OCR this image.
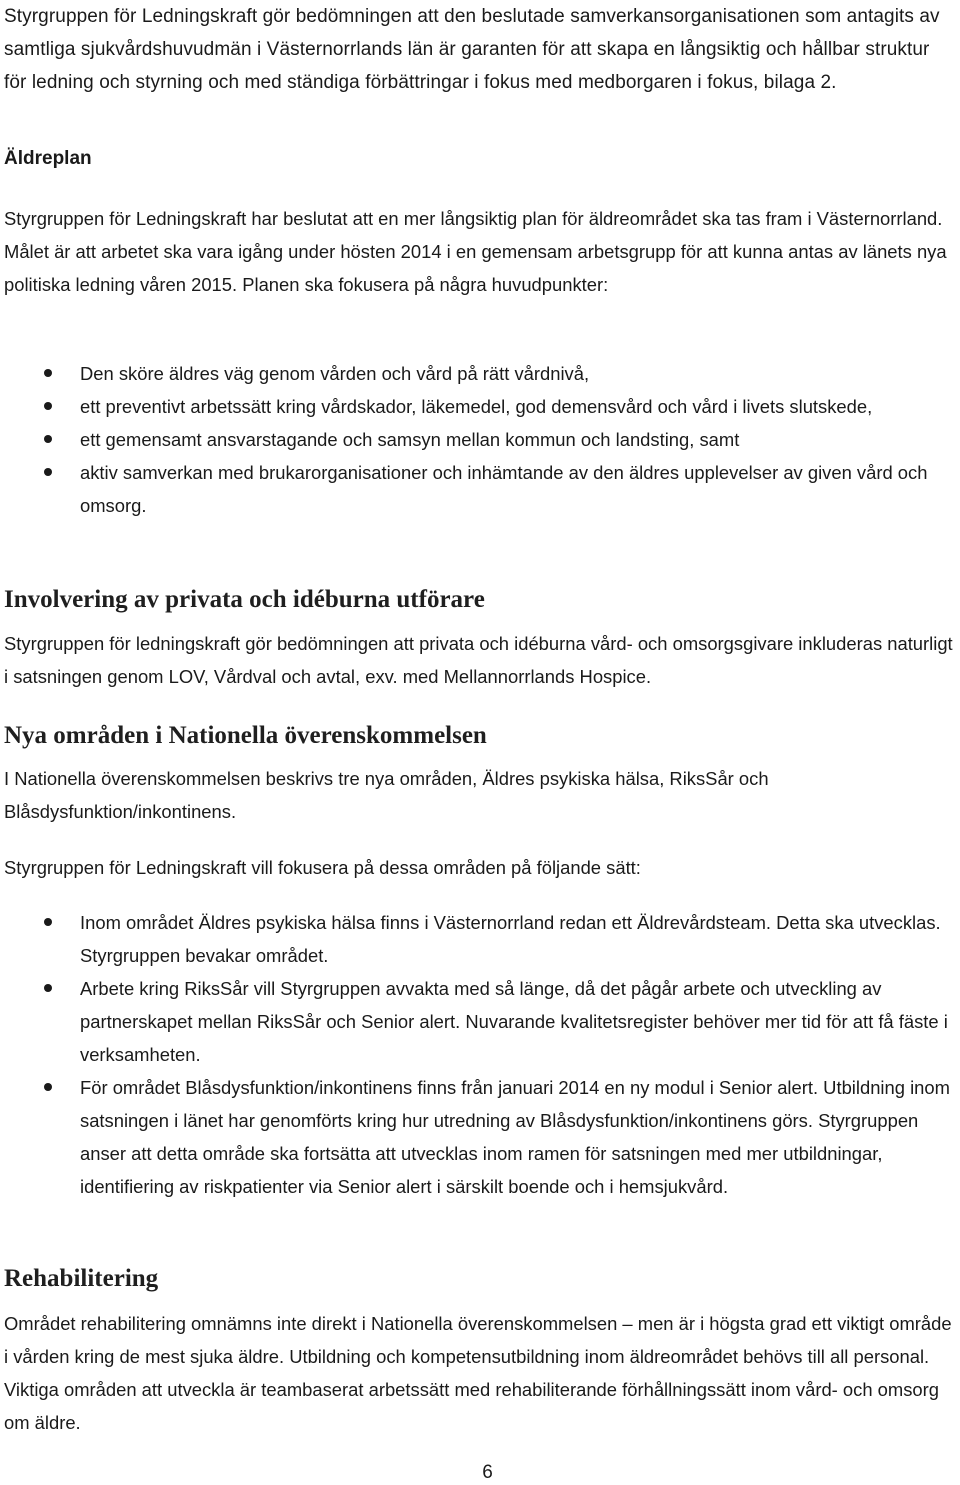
Styrgruppen för Ledningskraft gör bedömningen att den beslutade samverkansorganisationen som antagits av samtliga sjukvårdshuvudmän i Västernorrlands län är garanten för att skapa en långsiktig och hållbar struktur för ledning och styrning och med ständiga förbättringar i fokus med medborgaren i fokus, bilaga 2.

Äldreplan

Styrgruppen för Ledningskraft har beslutat att en mer långsiktig plan för äldreområdet ska tas fram i Västernorrland. Målet är att arbetet ska vara igång under hösten 2014 i en gemensam arbetsgrupp för att kunna antas av länets nya politiska ledning våren 2015. Planen ska fokusera på några huvudpunkter:

Den sköre äldres väg genom vården och vård på rätt vårdnivå,
ett preventivt arbetssätt kring vårdskador, läkemedel, god demensvård och vård i livets slutskede,
ett gemensamt ansvarstagande och samsyn mellan kommun och landsting, samt
aktiv samverkan med brukarorganisationer och inhämtande av den äldres upplevelser av given vård och omsorg.
Involvering av privata och idéburna utförare

Styrgruppen för ledningskraft gör bedömningen att privata och idéburna vård- och omsorgsgivare inkluderas naturligt i satsningen genom LOV, Vårdval och avtal, exv. med Mellannorrlands Hospice.

Nya områden i Nationella överenskommelsen

I Nationella överenskommelsen beskrivs tre nya områden, Äldres psykiska hälsa, RiksSår och Blåsdysfunktion/inkontinens.

Styrgruppen för Ledningskraft vill fokusera på dessa områden på följande sätt:

Inom området Äldres psykiska hälsa finns i Västernorrland redan ett Äldrevårdsteam. Detta ska utvecklas. Styrgruppen bevakar området.
Arbete kring RiksSår vill Styrgruppen avvakta med så länge, då det pågår arbete och utveckling av partnerskapet mellan RiksSår och Senior alert. Nuvarande kvalitetsregister behöver mer tid för att få fäste i verksamheten.
För området Blåsdysfunktion/inkontinens finns från januari 2014 en ny modul i Senior alert. Utbildning inom satsningen i länet har genomförts kring hur utredning av Blåsdysfunktion/inkontinens görs. Styrgruppen anser att detta område ska fortsätta att utvecklas inom ramen för satsningen med mer utbildningar, identifiering av riskpatienter via Senior alert i särskilt boende och i hemsjukvård.
Rehabilitering

Området rehabilitering omnämns inte direkt i Nationella överenskommelsen – men är i högsta grad ett viktigt område i vården kring de mest sjuka äldre. Utbildning och kompetensutbildning inom äldreområdet behövs till all personal. Viktiga områden att utveckla är teambaserat arbetssätt med rehabiliterande förhållningssätt inom vård- och omsorg om äldre.

6
